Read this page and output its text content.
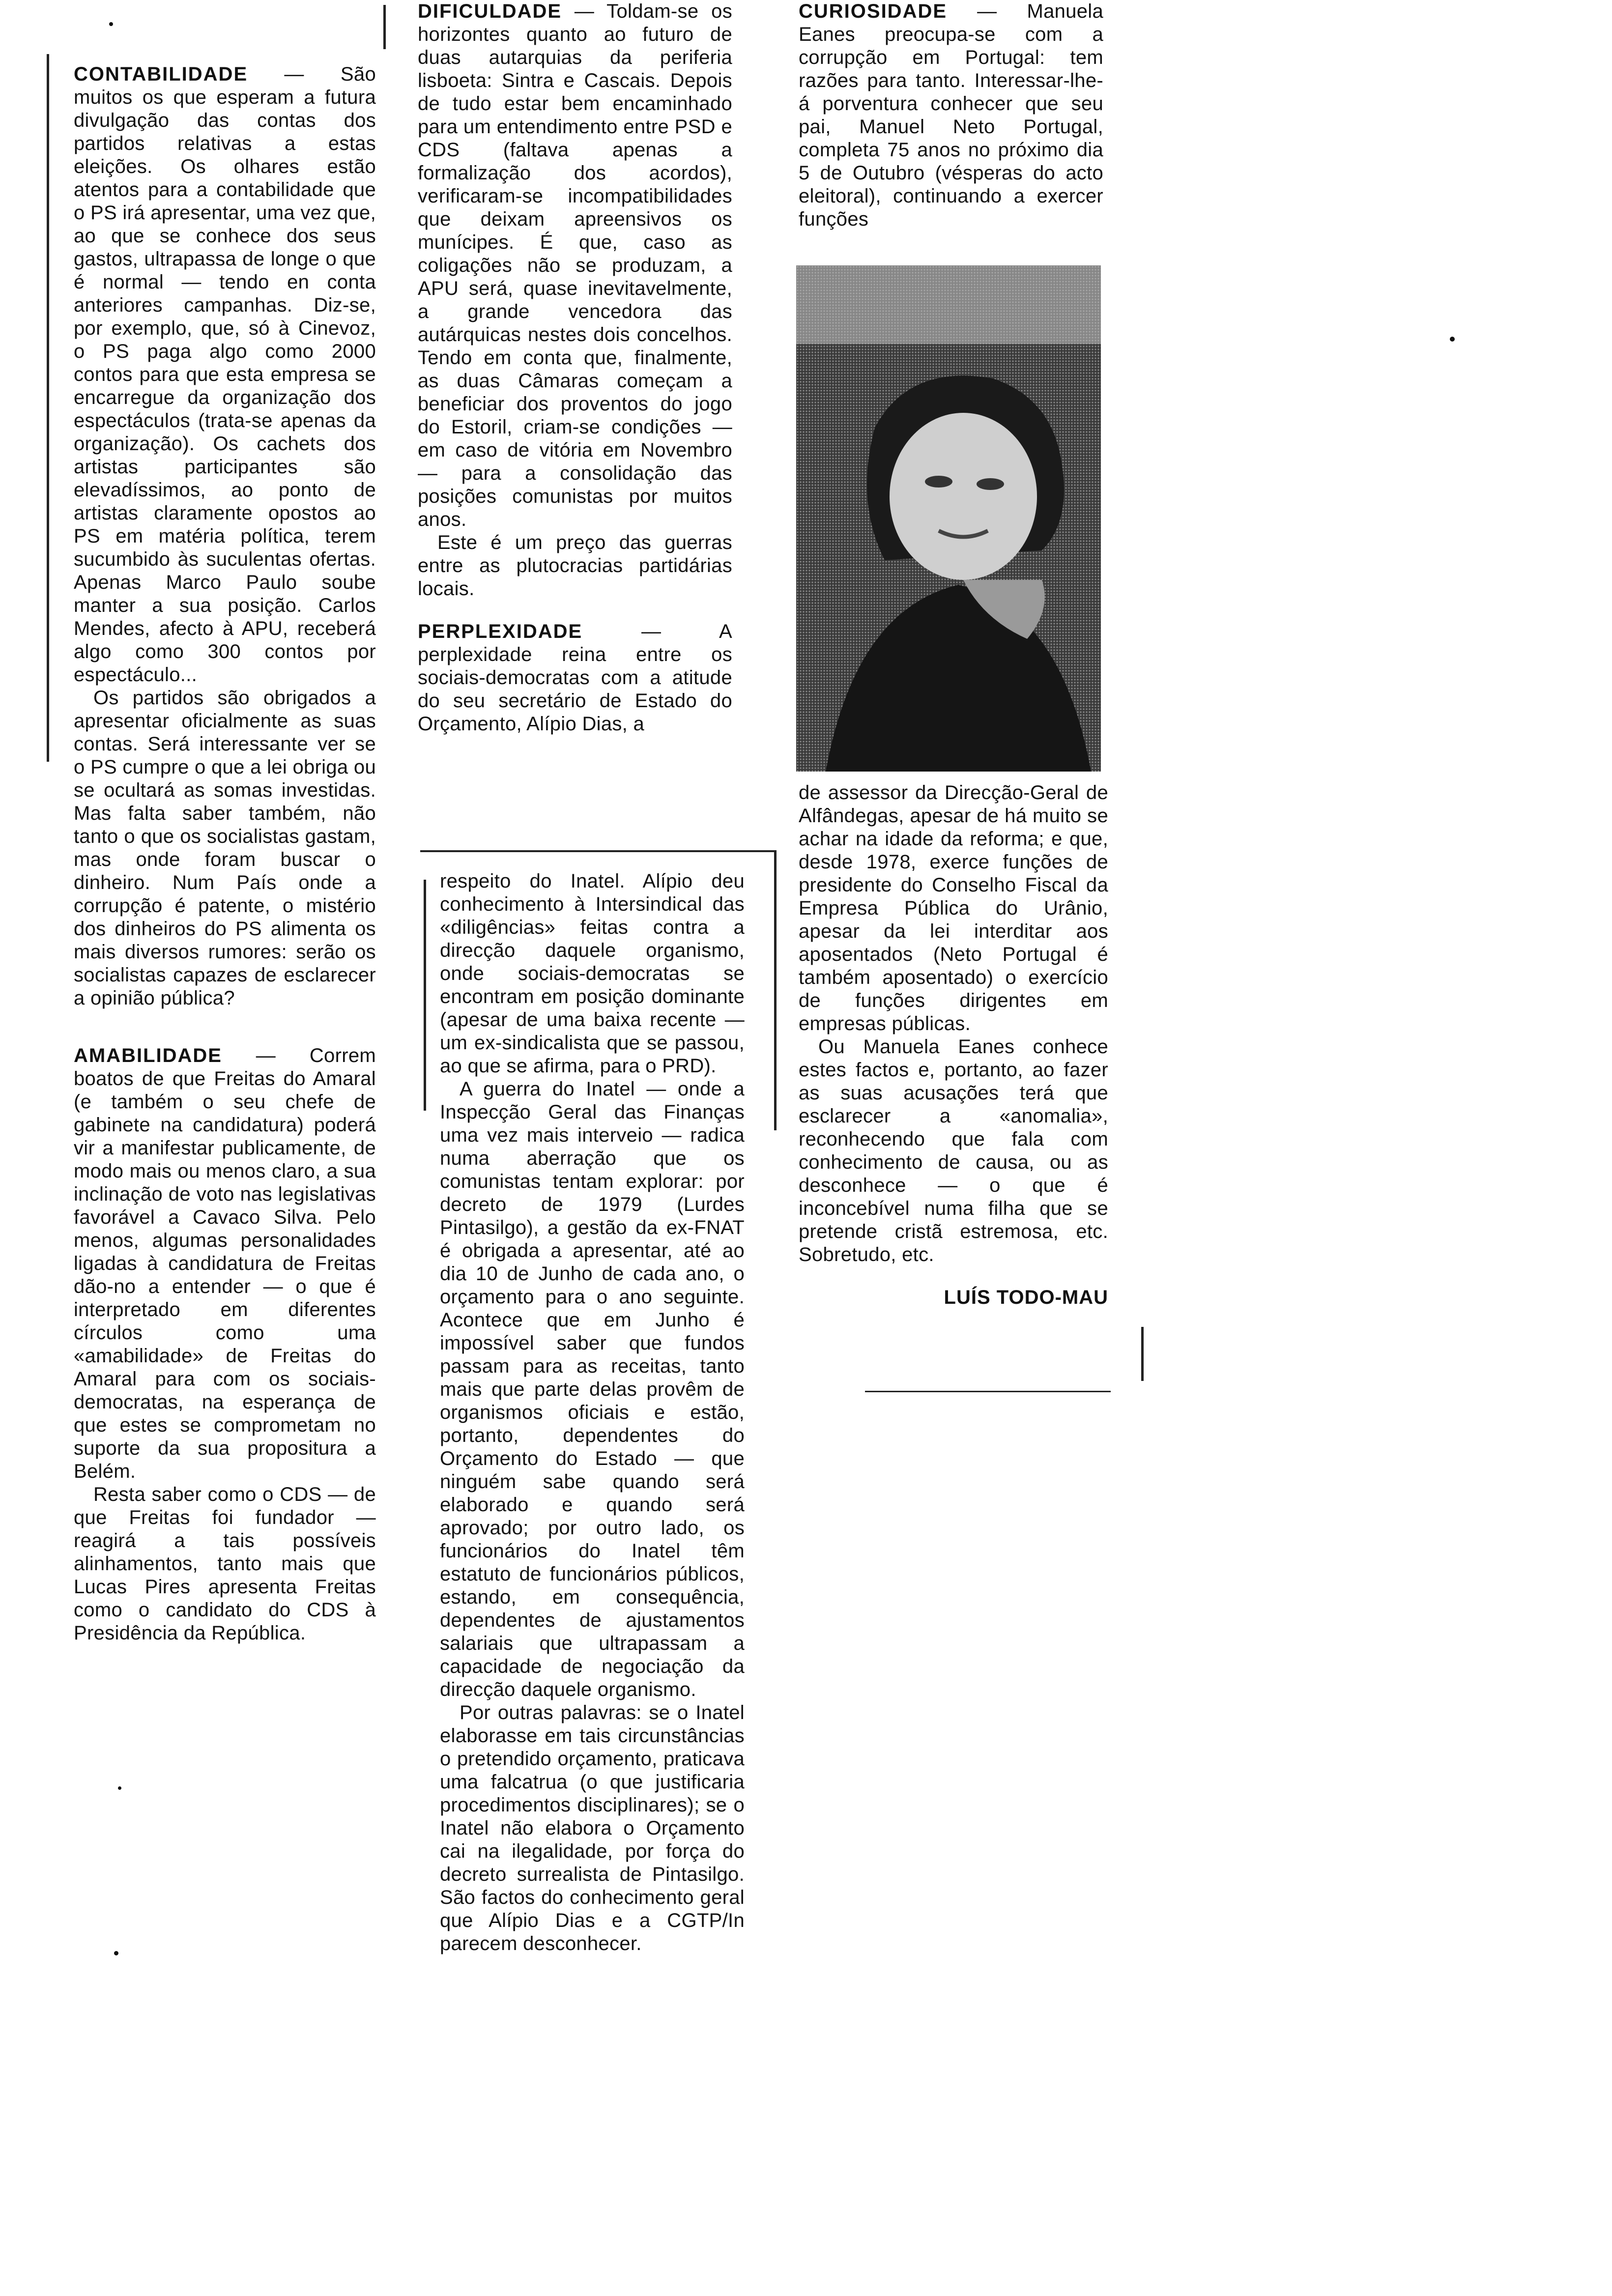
CONTABILIDADE — São muitos os que esperam a futura divulgação das contas dos partidos relativas a estas eleições. Os olhares estão atentos para a contabilidade que o PS irá apresentar, uma vez que, ao que se conhece dos seus gastos, ultrapassa de longe o que é normal — tendo en conta anteriores campanhas. Diz-se, por exemplo, que, só à Cinevoz, o PS paga algo como 2000 contos para que esta empresa se encarregue da organização dos espectáculos (trata-se apenas da organização). Os cachets dos artistas participantes são elevadíssimos, ao ponto de artistas claramente opostos ao PS em matéria política, terem sucumbido às suculentas ofertas. Apenas Marco Paulo soube manter a sua posição. Carlos Mendes, afecto à APU, receberá algo como 300 contos por espectáculo...

Os partidos são obrigados a apresentar oficialmente as suas contas. Será interessante ver se o PS cumpre o que a lei obriga ou se ocultará as somas investidas. Mas falta saber também, não tanto o que os socialistas gastam, mas onde foram buscar o dinheiro. Num País onde a corrupção é patente, o mistério dos dinheiros do PS alimenta os mais diversos rumores: serão os socialistas capazes de esclarecer a opinião pública?

AMABILIDADE — Correm boatos de que Freitas do Amaral (e também o seu chefe de gabinete na candidatura) poderá vir a manifestar publicamente, de modo mais ou menos claro, a sua inclinação de voto nas legislativas favorável a Cavaco Silva. Pelo menos, algumas personalidades ligadas à candidatura de Freitas dão-no a entender — o que é interpretado em diferentes círculos como uma «amabilidade» de Freitas do Amaral para com os sociais-democratas, na esperança de que estes se comprometam no suporte da sua propositura a Belém.

Resta saber como o CDS — de que Freitas foi fundador — reagirá a tais possíveis alinhamentos, tanto mais que Lucas Pires apresenta Freitas como o candidato do CDS à Presidência da República.

DIFICULDADE — Toldam-se os horizontes quanto ao futuro de duas autarquias da periferia lisboeta: Sintra e Cascais. Depois de tudo estar bem encaminhado para um entendimento entre PSD e CDS (faltava apenas a formalização dos acordos), verificaram-se incompatibilidades que deixam apreensivos os munícipes. É que, caso as coligações não se produzam, a APU será, quase inevitavelmente, a grande vencedora das autárquicas nestes dois concelhos. Tendo em conta que, finalmente, as duas Câmaras começam a beneficiar dos proventos do jogo do Estoril, criam-se condições — em caso de vitória em Novembro — para a consolidação das posições comunistas por muitos anos.

Este é um preço das guerras entre as plutocracias partidárias locais.

PERPLEXIDADE — A perplexidade reina entre os sociais-democratas com a atitude do seu secretário de Estado do Orçamento, Alípio Dias, a

respeito do Inatel. Alípio deu conhecimento à Intersindical das «diligências» feitas contra a direcção daquele organismo, onde sociais-democratas se encontram em posição dominante (apesar de uma baixa recente — um ex-sindicalista que se passou, ao que se afirma, para o PRD).

A guerra do Inatel — onde a Inspecção Geral das Finanças uma vez mais interveio — radica numa aberração que os comunistas tentam explorar: por decreto de 1979 (Lurdes Pintasilgo), a gestão da ex-FNAT é obrigada a apresentar, até ao dia 10 de Junho de cada ano, o orçamento para o ano seguinte. Acontece que em Junho é impossível saber que fundos passam para as receitas, tanto mais que parte delas provêm de organismos oficiais e estão, portanto, dependentes do Orçamento do Estado — que ninguém sabe quando será elaborado e quando será aprovado; por outro lado, os funcionários do Inatel têm estatuto de funcionários públicos, estando, em consequência, dependentes de ajustamentos salariais que ultrapassam a capacidade de negociação da direcção daquele organismo.

Por outras palavras: se o Inatel elaborasse em tais circunstâncias o pretendido orçamento, praticava uma falcatrua (o que justificaria procedimentos disciplinares); se o Inatel não elabora o Orçamento cai na ilegalidade, por força do decreto surrealista de Pintasilgo. São factos do conhecimento geral que Alípio Dias e a CGTP/In parecem desconhecer.

CURIOSIDADE — Manuela Eanes preocupa-se com a corrupção em Portugal: tem razões para tanto. Interessar-lhe-á porventura conhecer que seu pai, Manuel Neto Portugal, completa 75 anos no próximo dia 5 de Outubro (vésperas do acto eleitoral), continuando a exercer funções

de assessor da Direcção-Geral de Alfândegas, apesar de há muito se achar na idade da reforma; e que, desde 1978, exerce funções de presidente do Conselho Fiscal da Empresa Pública do Urânio, apesar da lei interditar aos aposentados (Neto Portugal é também aposentado) o exercício de funções dirigentes em empresas públicas.

Ou Manuela Eanes conhece estes factos e, portanto, ao fazer as suas acusações terá que esclarecer a «anomalia», reconhecendo que fala com conhecimento de causa, ou as desconhece — o que é inconcebível numa filha que se pretende cristã estremosa, etc. Sobretudo, etc.

LUÍS TODO-MAU
